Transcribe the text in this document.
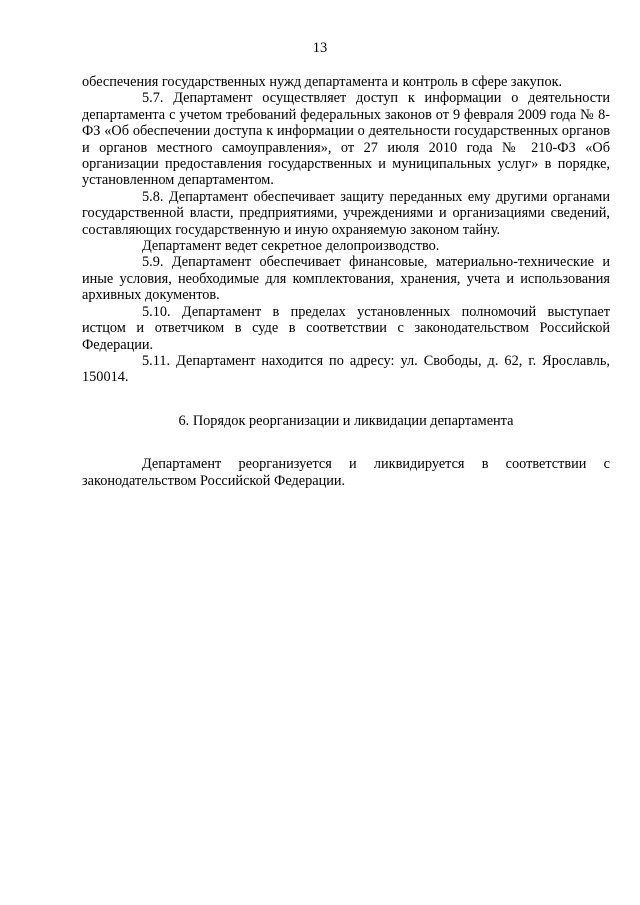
13

обеспечения государственных нужд департамента и контроль в сфере закупок.

5.7. Департамент осуществляет доступ к информации о деятельности департамента с учетом требований федеральных законов от 9 февраля 2009 года № 8-ФЗ «Об обеспечении доступа к информации о деятельности государственных органов и органов местного самоуправления», от 27 июля 2010 года № 210-ФЗ «Об организации предоставления государственных и муниципальных услуг» в порядке, установленном департаментом.

5.8. Департамент обеспечивает защиту переданных ему другими органами государственной власти, предприятиями, учреждениями и организациями сведений, составляющих государственную и иную охраняемую законом тайну.

Департамент ведет секретное делопроизводство.

5.9. Департамент обеспечивает финансовые, материально-технические и иные условия, необходимые для комплектования, хранения, учета и использования архивных документов.

5.10. Департамент в пределах установленных полномочий выступает истцом и ответчиком в суде в соответствии с законодательством Российской Федерации.

5.11. Департамент находится по адресу: ул. Свободы, д. 62, г. Ярославль, 150014.

6. Порядок реорганизации и ликвидации департамента

Департамент реорганизуется и ликвидируется в соответствии с законодательством Российской Федерации.
